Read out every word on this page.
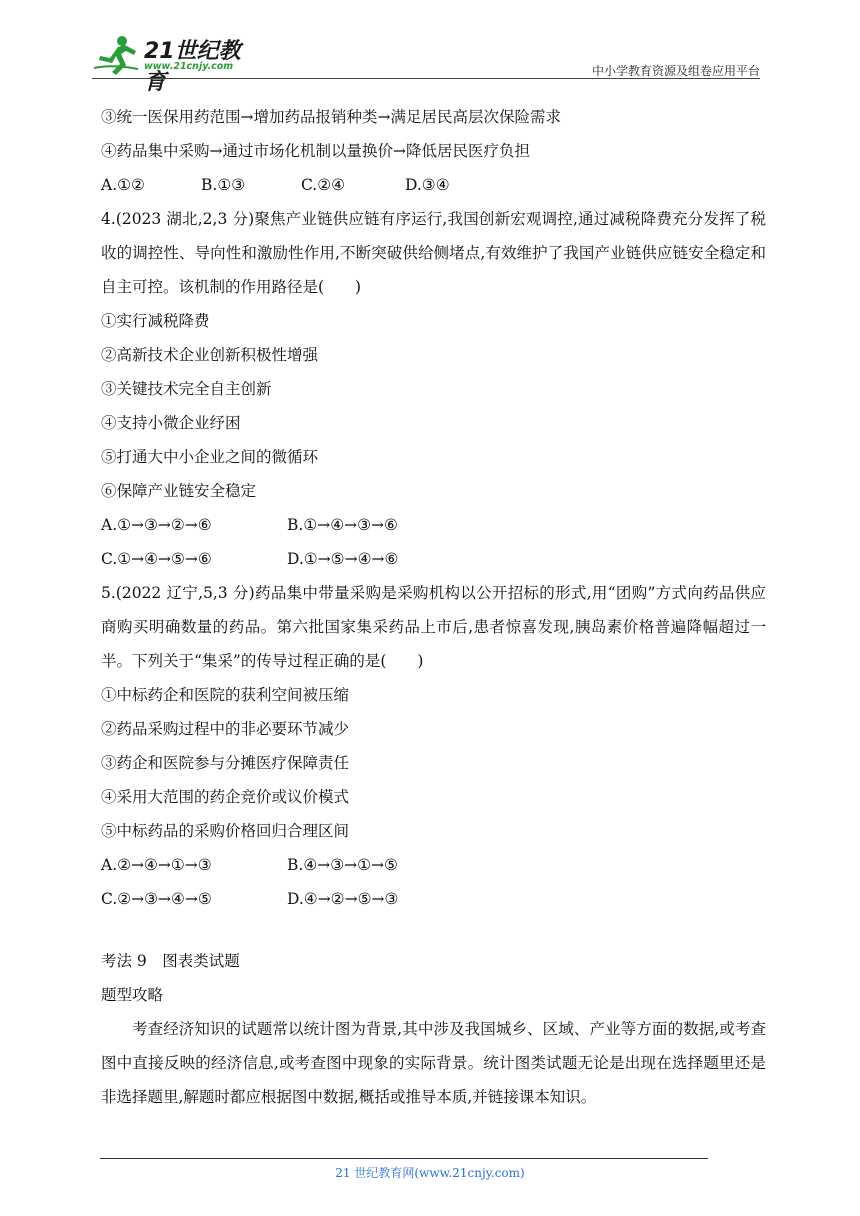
21世纪教育
www.21cnjy.com	中小学教育资源及组卷应用平台
③统一医保用药范围→增加药品报销种类→满足居民高层次保险需求
④药品集中采购→通过市场化机制以量换价→降低居民医疗负担
A.①②	B.①③	C.②④	D.③④
4.(2023 湖北,2,3 分)聚焦产业链供应链有序运行,我国创新宏观调控,通过减税降费充分发挥了税收的调控性、导向性和激励性作用,不断突破供给侧堵点,有效维护了我国产业链供应链安全稳定和自主可控。该机制的作用路径是(　　)
①实行减税降费
②高新技术企业创新积极性增强
③关键技术完全自主创新
④支持小微企业纾困
⑤打通大中小企业之间的微循环
⑥保障产业链安全稳定
A.①→③→②→⑥	B.①→④→③→⑥
C.①→④→⑤→⑥	D.①→⑤→④→⑥
5.(2022 辽宁,5,3 分)药品集中带量采购是采购机构以公开招标的形式,用“团购”方式向药品供应商购买明确数量的药品。第六批国家集采药品上市后,患者惊喜发现,胰岛素价格普遍降幅超过一半。下列关于“集采”的传导过程正确的是(　　)
①中标药企和医院的获利空间被压缩
②药品采购过程中的非必要环节减少
③药企和医院参与分摊医疗保障责任
④采用大范围的药企竞价或议价模式
⑤中标药品的采购价格回归合理区间
A.②→④→①→③	B.④→③→①→⑤
C.②→③→④→⑤	D.④→②→⑤→③
考法 9　图表类试题
题型攻略
考查经济知识的试题常以统计图为背景,其中涉及我国城乡、区域、产业等方面的数据,或考查图中直接反映的经济信息,或考查图中现象的实际背景。统计图类试题无论是出现在选择题里还是非选择题里,解题时都应根据图中数据,概括或推导本质,并链接课本知识。
21 世纪教育网(www.21cnjy.com)
